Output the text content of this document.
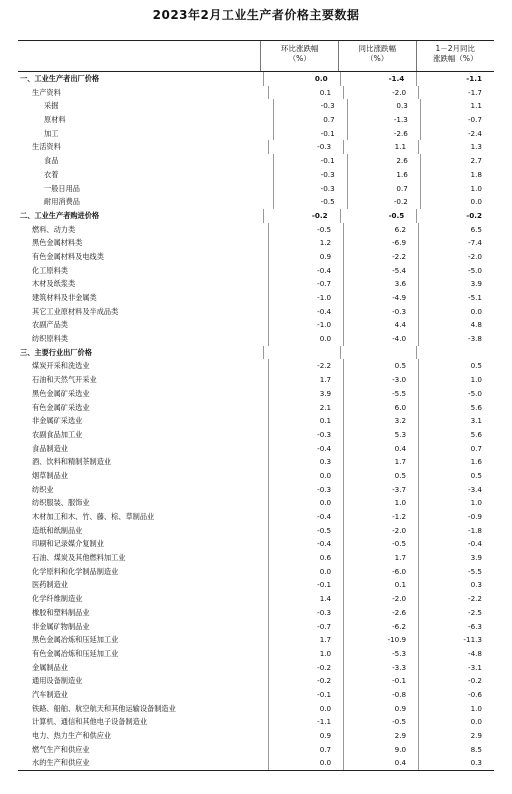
2023年2月工业生产者价格主要数据
环比涨跌幅
（%）
同比涨跌幅
（%）
1－2月同比
涨跌幅（%）
一、工业生产者出厂价格	0.0	-1.4	-1.1
生产资料	0.1	-2.0	-1.7
采掘	-0.3	0.3	1.1
原材料	0.7	-1.3	-0.7
加工	-0.1	-2.6	-2.4
生活资料	-0.3	1.1	1.3
食品	-0.1	2.6	2.7
衣着	-0.3	1.6	1.8
一般日用品	-0.3	0.7	1.0
耐用消费品	-0.5	-0.2	0.0
二、工业生产者购进价格	-0.2	-0.5	-0.2
燃料、动力类	-0.5	6.2	6.5
黑色金属材料类	1.2	-6.9	-7.4
有色金属材料及电线类	0.9	-2.2	-2.0
化工原料类	-0.4	-5.4	-5.0
木材及纸浆类	-0.7	3.6	3.9
建筑材料及非金属类	-1.0	-4.9	-5.1
其它工业原材料及半成品类	-0.4	-0.3	0.0
农副产品类	-1.0	4.4	4.8
纺织原料类	0.0	-4.0	-3.8
三、主要行业出厂价格
煤炭开采和洗选业	-2.2	0.5	0.5
石油和天然气开采业	1.7	-3.0	1.0
黑色金属矿采选业	3.9	-5.5	-5.0
有色金属矿采选业	2.1	6.0	5.6
非金属矿采选业	0.1	3.2	3.1
农副食品加工业	-0.3	5.3	5.6
食品制造业	-0.4	0.4	0.7
酒、饮料和精制茶制造业	0.3	1.7	1.6
烟草制品业	0.0	0.5	0.5
纺织业	-0.3	-3.7	-3.4
纺织服装、服饰业	0.0	1.0	1.0
木材加工和木、竹、藤、棕、草制品业	-0.4	-1.2	-0.9
造纸和纸制品业	-0.5	-2.0	-1.8
印刷和记录媒介复制业	-0.4	-0.5	-0.4
石油、煤炭及其他燃料加工业	0.6	1.7	3.9
化学原料和化学制品制造业	0.0	-6.0	-5.5
医药制造业	-0.1	0.1	0.3
化学纤维制造业	1.4	-2.0	-2.2
橡胶和塑料制品业	-0.3	-2.6	-2.5
非金属矿物制品业	-0.7	-6.2	-6.3
黑色金属冶炼和压延加工业	1.7	-10.9	-11.3
有色金属冶炼和压延加工业	1.0	-5.3	-4.8
金属制品业	-0.2	-3.3	-3.1
通用设备制造业	-0.2	-0.1	-0.2
汽车制造业	-0.1	-0.8	-0.6
铁路、船舶、航空航天和其他运输设备制造业	0.0	0.9	1.0
计算机、通信和其他电子设备制造业	-1.1	-0.5	0.0
电力、热力生产和供应业	0.9	2.9	2.9
燃气生产和供应业	0.7	9.0	8.5
水的生产和供应业	0.0	0.4	0.3
